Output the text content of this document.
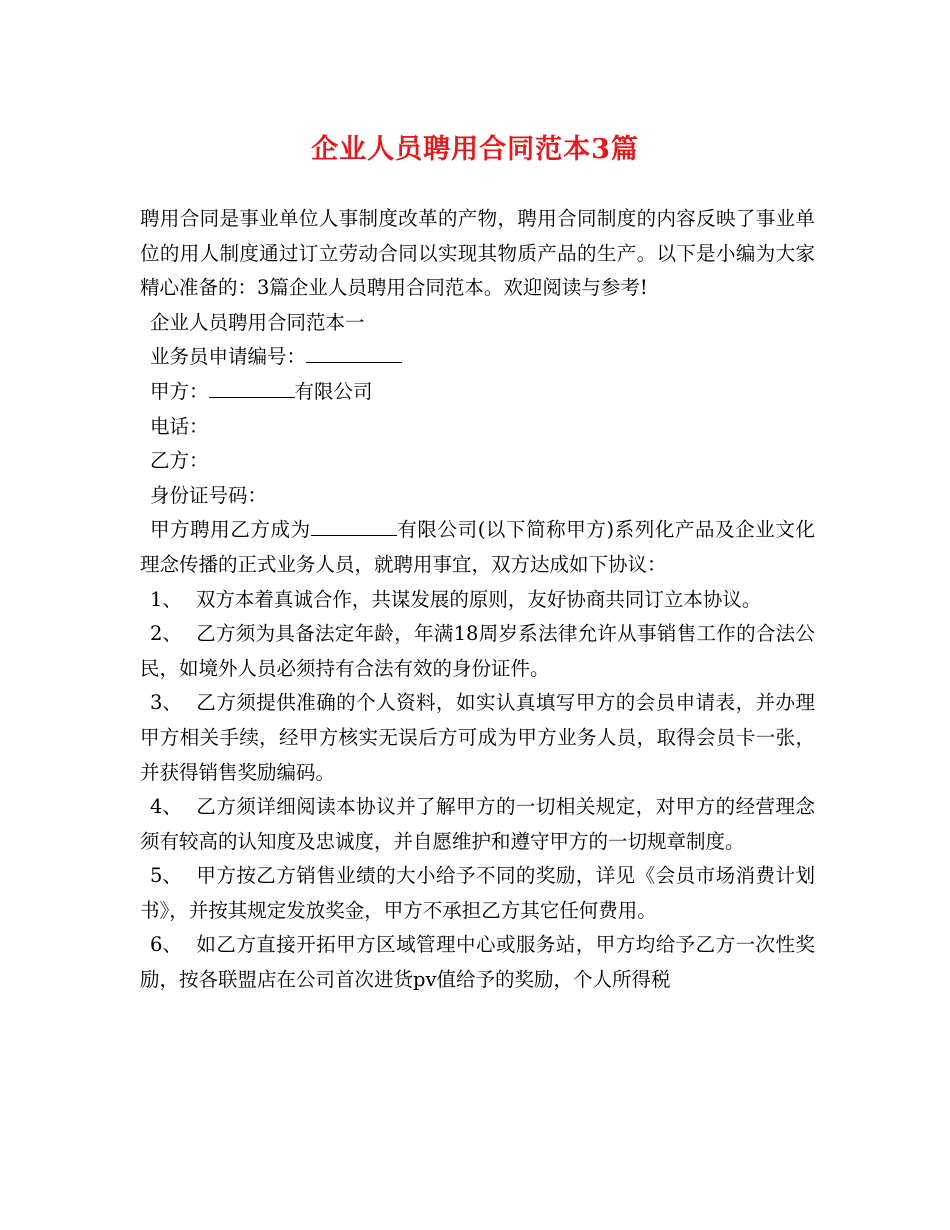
企业人员聘用合同范本3篇

聘用合同是事业单位人事制度改革的产物，聘用合同制度的内容反映了事业单位的用人制度通过订立劳动合同以实现其物质产品的生产。以下是小编为大家精心准备的：3篇企业人员聘用合同范本。欢迎阅读与参考!

企业人员聘用合同范本一

业务员申请编号：

甲方：	有限公司

电话：

乙方：

身份证号码：

甲方聘用乙方成为	有限公司(以下简称甲方)系列化产品及企业文化理念传播的正式业务人员，就聘用事宜，双方达成如下协议：

1、 双方本着真诚合作，共谋发展的原则，友好协商共同订立本协议。

2、 乙方须为具备法定年龄，年满18周岁系法律允许从事销售工作的合法公民，如境外人员必须持有合法有效的身份证件。

3、 乙方须提供准确的个人资料，如实认真填写甲方的会员申请表，并办理甲方相关手续，经甲方核实无误后方可成为甲方业务人员，取得会员卡一张，并获得销售奖励编码。

4、 乙方须详细阅读本协议并了解甲方的一切相关规定，对甲方的经营理念须有较高的认知度及忠诚度，并自愿维护和遵守甲方的一切规章制度。

5、 甲方按乙方销售业绩的大小给予不同的奖励，详见《会员市场消费计划书》，并按其规定发放奖金，甲方不承担乙方其它任何费用。

6、 如乙方直接开拓甲方区域管理中心或服务站，甲方均给予乙方一次性奖励，按各联盟店在公司首次进货pv值给予的奖励，个人所得税
